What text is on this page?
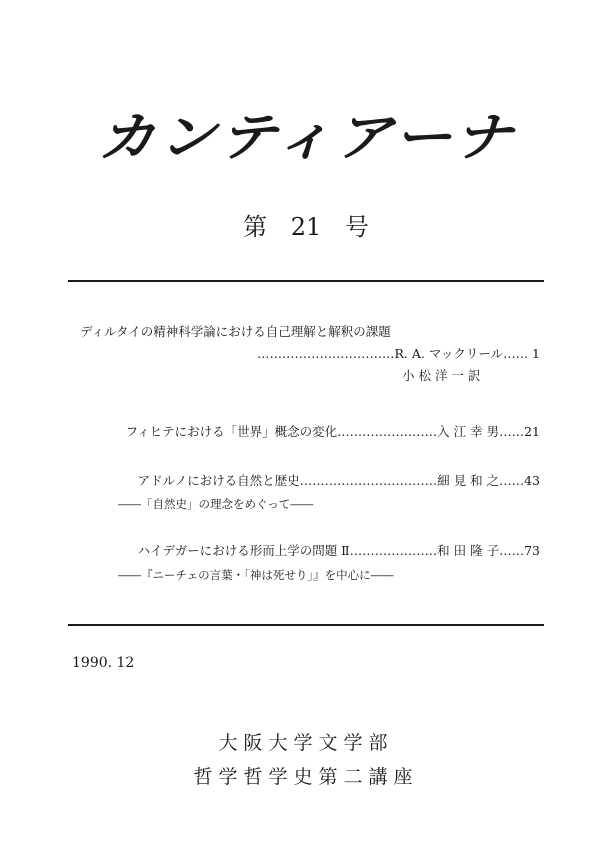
カンティアーナ
第 21 号
ディルタイの精神科学論における自己理解と解釈の課題
……………………………R. A. マックリール…… 1
小 松 洋 一 訳
フィヒテにおける「世界」概念の変化……………………入 江 幸 男……21
アドルノにおける自然と歴史……………………………細 見 和 之……43
――「自然史」の理念をめぐって――
ハイデガーにおける形而上学の問題 Ⅱ…………………和 田 隆 子……73
――『ニーチェの言葉・「神は死せり」』を中心に――
1990. 12
大阪大学文学部
哲学哲学史第二講座
